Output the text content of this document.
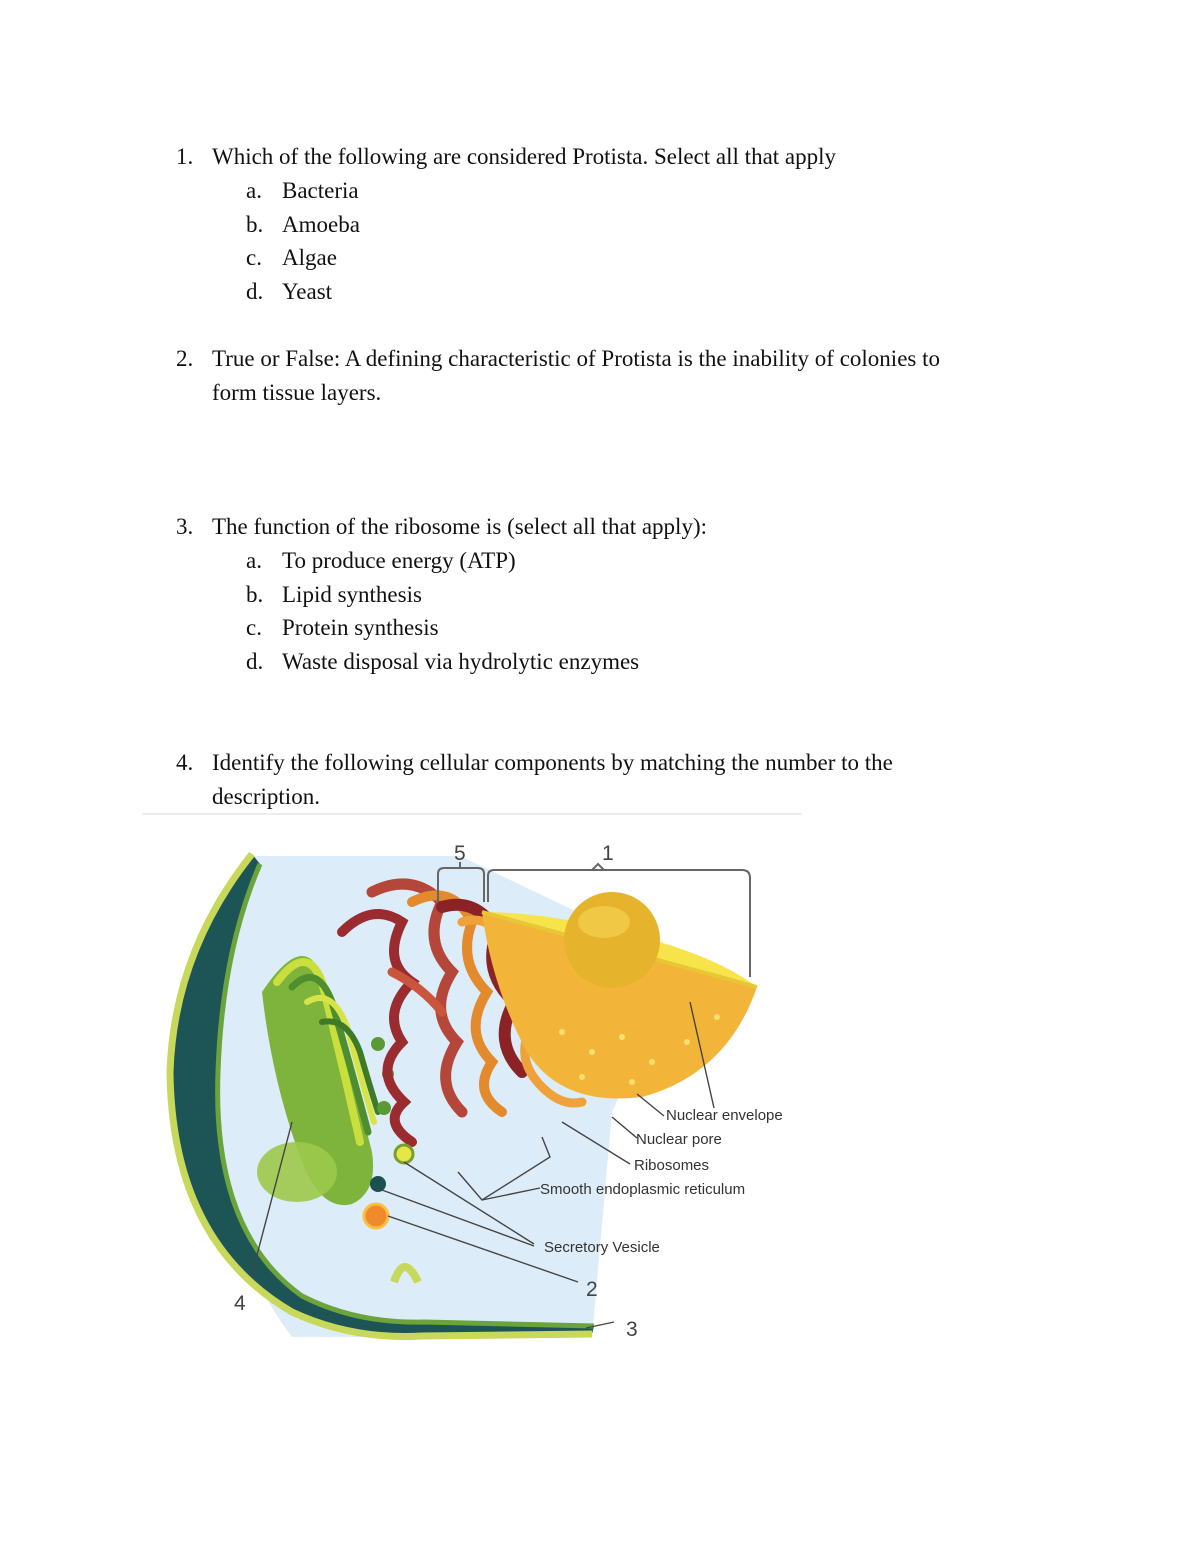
1. Which of the following are considered Protista. Select all that apply
a. Bacteria
b. Amoeba
c. Algae
d. Yeast
2. True or False: A defining characteristic of Protista is the inability of colonies to
form tissue layers.
3. The function of the ribosome is (select all that apply):
a. To produce energy (ATP)
b. Lipid synthesis
c. Protein synthesis
d. Waste disposal via hydrolytic enzymes
4. Identify the following cellular components by matching the number to the
description.
5	1
2
3
4
Nuclear envelope
Nuclear pore
Ribosomes
Smooth endoplasmic reticulum
Secretory Vesicle
